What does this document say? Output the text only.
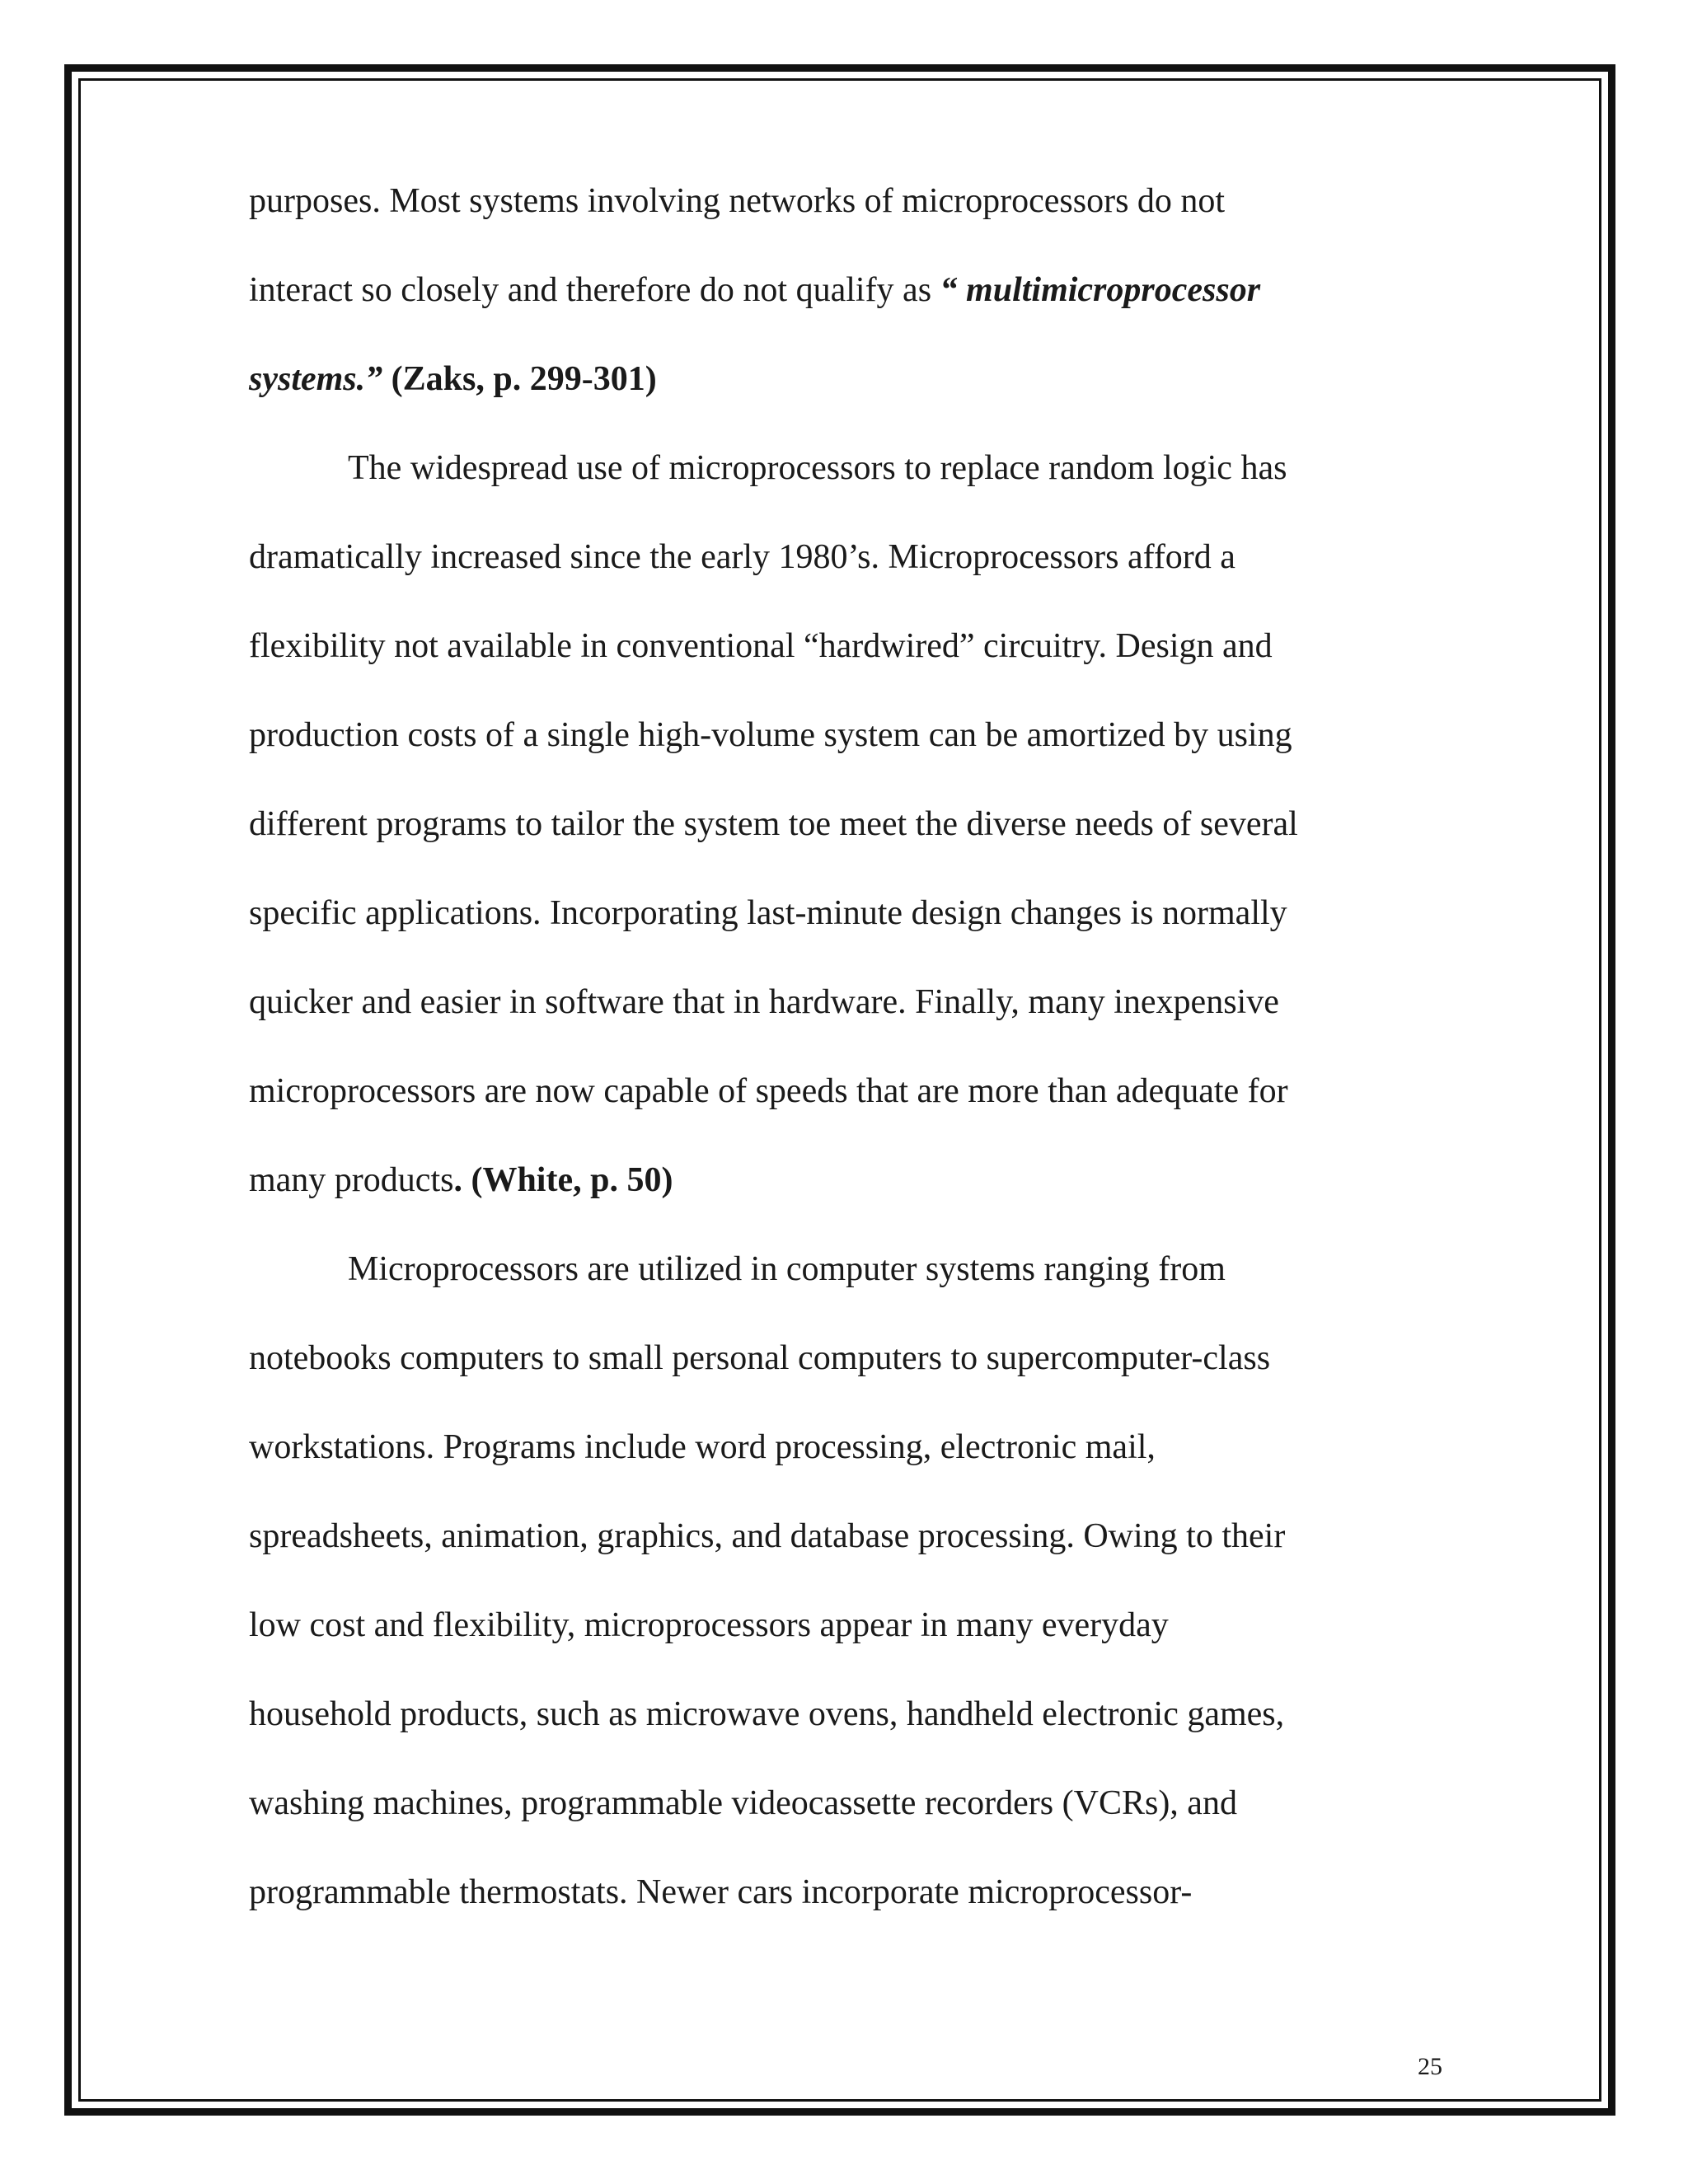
purposes. Most systems involving networks of microprocessors do not
interact so closely and therefore do not qualify as “ multimicroprocessor
systems.” (Zaks, p. 299-301)
The widespread use of microprocessors to replace random logic has
dramatically increased since the early 1980’s. Microprocessors afford a
flexibility not available in conventional “hardwired” circuitry. Design and
production costs of a single high-volume system can be amortized by using
different programs to tailor the system toe meet the diverse needs of several
specific applications. Incorporating last-minute design changes is normally
quicker and easier in software that in hardware. Finally, many inexpensive
microprocessors are now capable of speeds that are more than adequate for
many products. (White, p. 50)
Microprocessors are utilized in computer systems ranging from
notebooks computers to small personal computers to supercomputer-class
workstations. Programs include word processing, electronic mail,
spreadsheets, animation, graphics, and database processing. Owing to their
low cost and flexibility, microprocessors appear in many everyday
household products, such as microwave ovens, handheld electronic games,
washing machines, programmable videocassette recorders (VCRs), and
programmable thermostats. Newer cars incorporate microprocessor-
25
